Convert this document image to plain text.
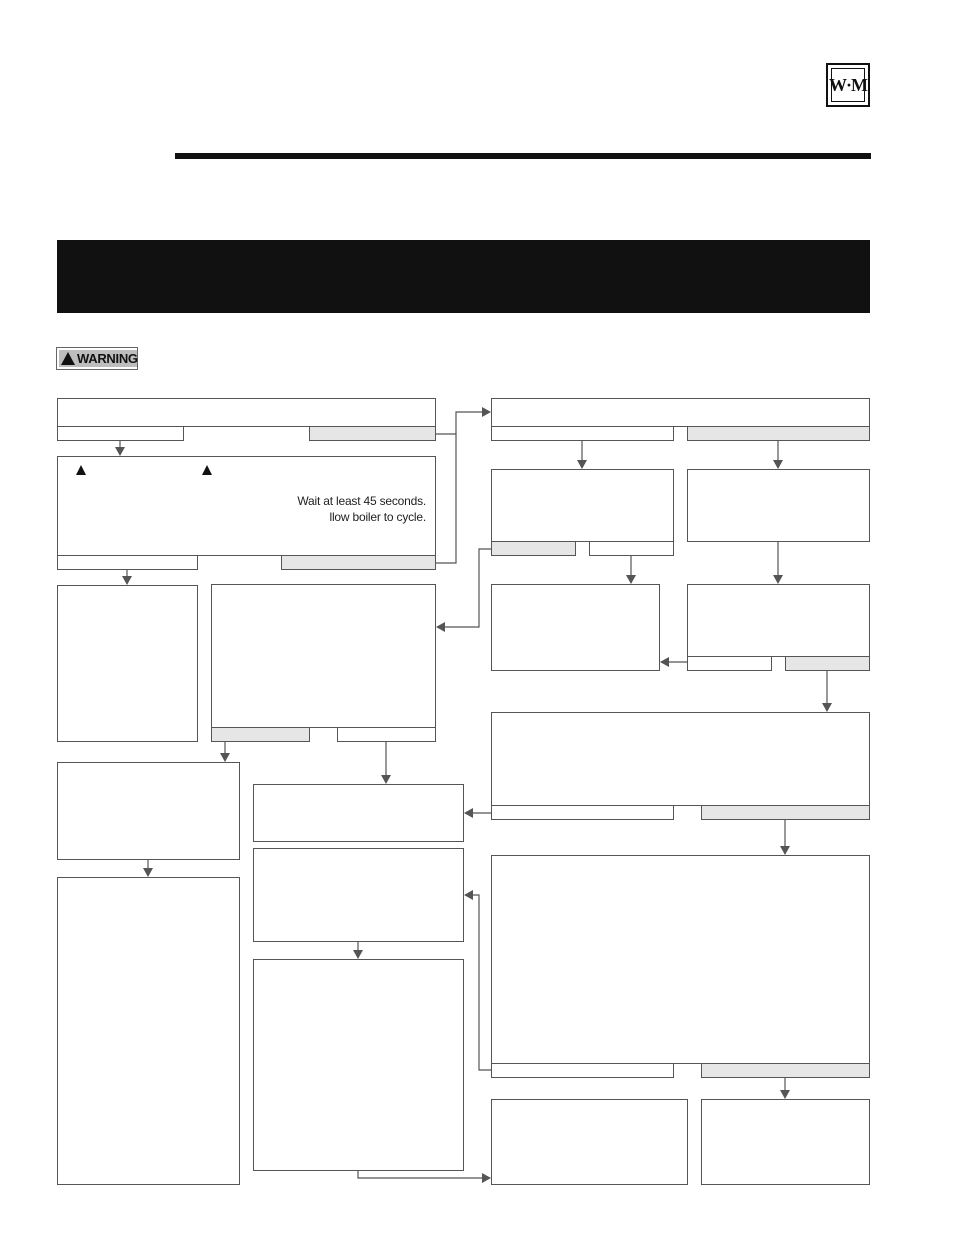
W·M
WARNING
Wait at least 45 seconds.
llow boiler to cycle.
